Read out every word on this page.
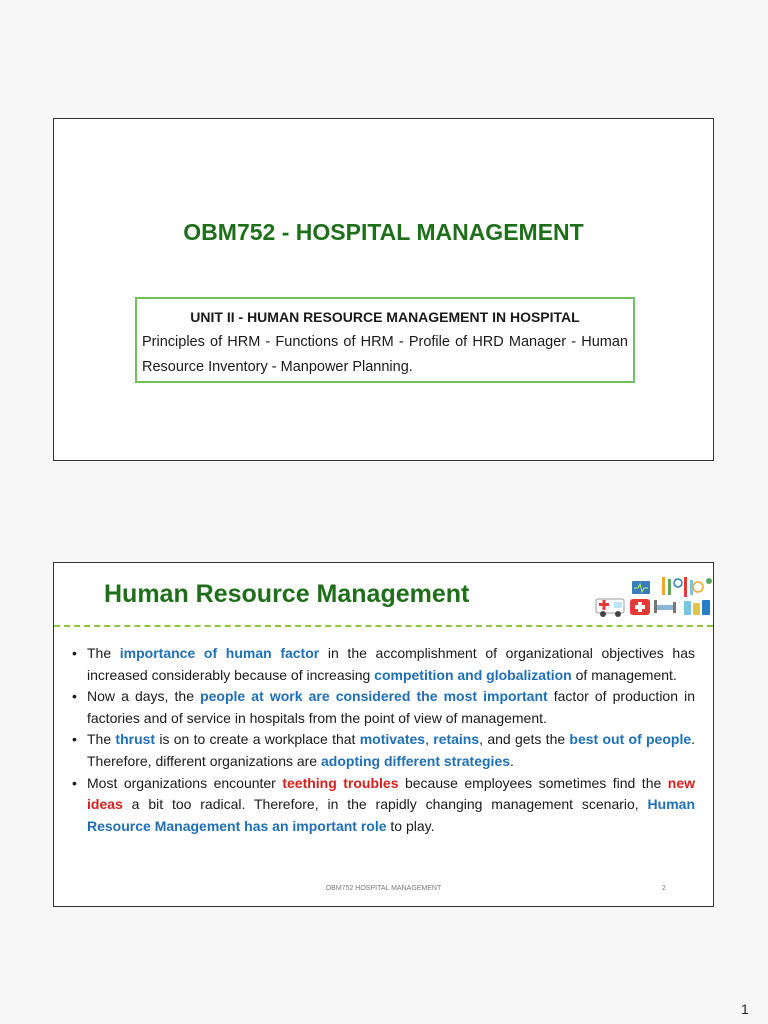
OBM752 - HOSPITAL MANAGEMENT
UNIT II - HUMAN RESOURCE MANAGEMENT IN HOSPITAL
Principles of HRM - Functions of HRM - Profile of HRD Manager - Human Resource Inventory - Manpower Planning.
Human Resource Management
• The importance of human factor in the accomplishment of organizational objectives has increased considerably because of increasing competition and globalization of management.
• Now a days, the people at work are considered the most important factor of production in factories and of service in hospitals from the point of view of management.
• The thrust is on to create a workplace that motivates, retains, and gets the best out of people. Therefore, different organizations are adopting different strategies.
• Most organizations encounter teething troubles because employees sometimes find the new ideas a bit too radical. Therefore, in the rapidly changing management scenario, Human Resource Management has an important role to play.
OBM752 HOSPITAL MANAGEMENT	2
1
